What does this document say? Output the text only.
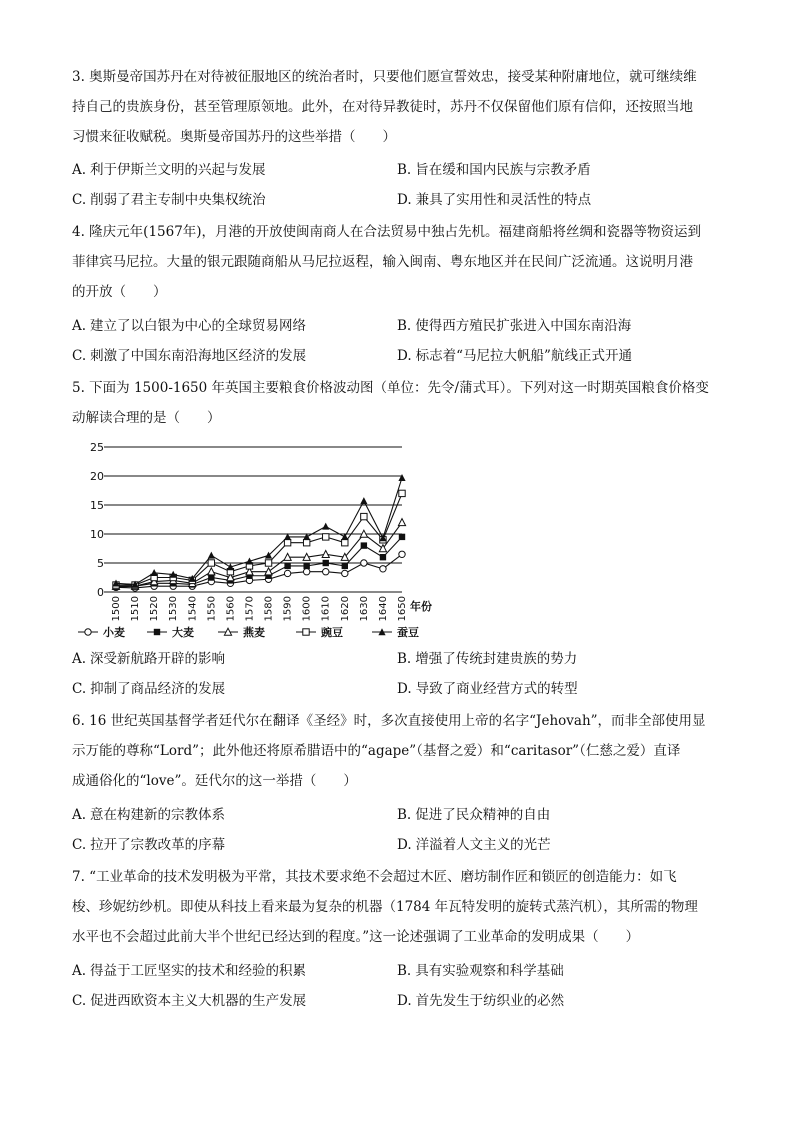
3. 奥斯曼帝国苏丹在对待被征服地区的统治者时，只要他们愿宣誓效忠，接受某种附庸地位，就可继续维

持自己的贵族身份，甚至管理原领地。此外，在对待异教徒时，苏丹不仅保留他们原有信仰，还按照当地

习惯来征收赋税。奥斯曼帝国苏丹的这些举措（　　）

A. 利于伊斯兰文明的兴起与发展	B. 旨在缓和国内民族与宗教矛盾
C. 削弱了君主专制中央集权统治	D. 兼具了实用性和灵活性的特点

4. 隆庆元年(1567年)，月港的开放使闽南商人在合法贸易中独占先机。福建商船将丝绸和瓷器等物资运到

菲律宾马尼拉。大量的银元跟随商船从马尼拉返程，输入闽南、粤东地区并在民间广泛流通。这说明月港

的开放（　　）

A. 建立了以白银为中心的全球贸易网络	B. 使得西方殖民扩张进入中国东南沿海
C. 刺激了中国东南沿海地区经济的发展	D. 标志着“马尼拉大帆船”航线正式开通

5. 下面为 1500-1650 年英国主要粮食价格波动图（单位：先令/蒲式耳）。下列对这一时期英国粮食价格变

动解读合理的是（　　）

0
5
10
15
20
25
1500 1510 1520 1530 1540 1550 1560 1570 1580 1590 1600 1610 1620 1630 1640 1650 年份
小麦	大麦	燕麦	豌豆	蚕豆
A. 深受新航路开辟的影响	B. 增强了传统封建贵族的势力
C. 抑制了商品经济的发展	D. 导致了商业经营方式的转型

6. 16 世纪英国基督学者廷代尔在翻译《圣经》时，多次直接使用上帝的名字“Jehovah”，而非全部使用显

示万能的尊称“Lord”；此外他还将原希腊语中的“agape”（基督之爱）和“caritasor”（仁慈之爱）直译

成通俗化的“love”。廷代尔的这一举措（　　）

A. 意在构建新的宗教体系	B. 促进了民众精神的自由
C. 拉开了宗教改革的序幕	D. 洋溢着人文主义的光芒

7. “工业革命的技术发明极为平常，其技术要求绝不会超过木匠、磨坊制作匠和锁匠的创造能力：如飞

梭、珍妮纺纱机。即使从科技上看来最为复杂的机器（1784 年瓦特发明的旋转式蒸汽机），其所需的物理

水平也不会超过此前大半个世纪已经达到的程度。”这一论述强调了工业革命的发明成果（　　）

A. 得益于工匠坚实的技术和经验的积累	B. 具有实验观察和科学基础
C. 促进西欧资本主义大机器的生产发展	D. 首先发生于纺织业的必然
